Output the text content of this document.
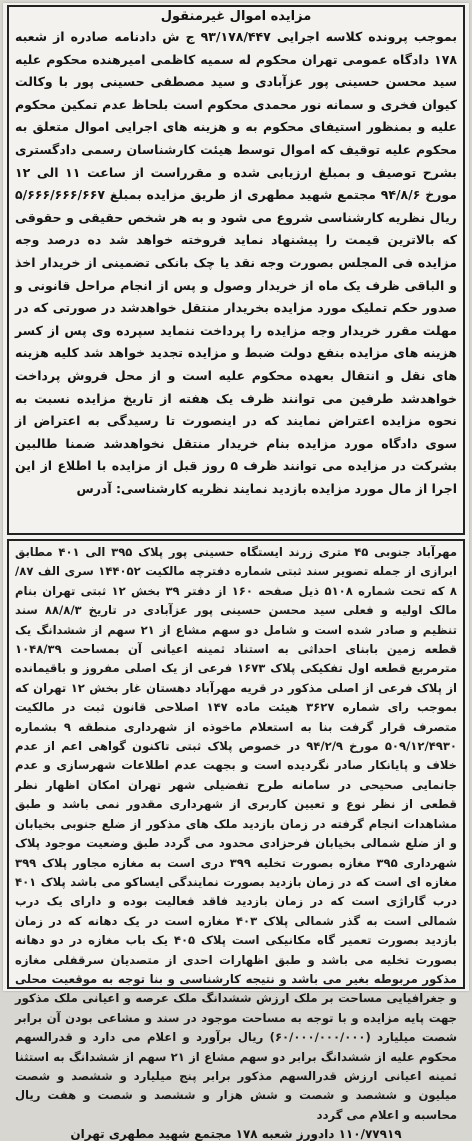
مزایده اموال غیرمنقول

بموجب پرونده کلاسه اجرایی ۹۳/۱۷۸/۴۴۷ ج ش دادنامه صادره از شعبه ۱۷۸ دادگاه عمومی تهران محکوم له سمیه کاظمی امیرهنده محکوم علیه سید محسن حسینی پور عزآبادی و سید مصطفی حسینی پور با وکالت کیوان فخری و سمانه نور محمدی محکوم است بلحاظ عدم تمکین محکوم علیه و بمنظور استیفای محکوم به و هزینه های اجرایی اموال متعلق به محکوم علیه توقیف که اموال توسط هیئت کارشناسان رسمی دادگستری بشرح توصیف و بمبلغ ارزیابی شده و مقرراست از ساعت ۱۱ الی ۱۲ مورخ ۹۴/۸/۶ مجتمع شهید مطهری از طریق مزایده بمبلغ ۵/۶۶۶/۶۶۶/۶۶۷ ریال نظریه کارشناسی شروع می شود و به هر شخص حقیقی و حقوقی که بالاترین قیمت را پیشنهاد نماید فروخته خواهد شد ده درصد وجه مزایده فی المجلس بصورت وجه نقد یا چک بانکی تضمینی از خریدار اخذ و الباقی ظرف یک ماه از خریدار وصول و پس از انجام مراحل قانونی و صدور حکم تملیک مورد مزایده بخریدار منتقل خواهدشد در صورتی که در مهلت مقرر خریدار وجه مزایده را پرداخت ننماید سپرده وی پس از کسر هزینه های مزایده بنفع دولت ضبط و مزایده تجدید خواهد شد کلیه هزینه های نقل و انتقال بعهده محکوم علیه است و از محل فروش پرداخت خواهدشد طرفین می توانند ظرف یک هفته از تاریخ مزایده نسبت به نحوه مزایده اعتراض نمایند که در اینصورت تا رسیدگی به اعتراض از سوی دادگاه مورد مزایده بنام خریدار منتقل نخواهدشد ضمنا طالبین بشرکت در مزایده می توانند ظرف ۵ روز قبل از مزایده با اطلاع از این اجرا از مال مورد مزایده بازدید نمایند نظریه کارشناسی: آدرس

مهرآباد جنوبی ۴۵ متری زرند ایستگاه حسینی پور پلاک ۳۹۵ الی ۴۰۱ مطابق ابرازی از جمله تصویر سند ثبتی شماره دفترچه مالکیت ۱۴۴۰۵۲ سری الف ۸۷/ ۸ که تحت شماره ۵۱۰۸ ذیل صفحه ۱۶۰ از دفتر ۳۹ بخش ۱۲ ثبتی تهران بنام مالک اولیه و فعلی سید محسن حسینی پور عزآبادی در تاریخ ۸۸/۸/۳ سند تنظیم و صادر شده است و شامل دو سهم مشاع از ۲۱ سهم از ششدانگ یک قطعه زمین بابنای احداثی به استناد ثمینه اعیانی آن بمساحت ۱۰۴۸/۳۹ مترمربع قطعه اول تفکیکی پلاک ۱۶۷۳ فرعی از یک اصلی مفروز و باقیمانده از پلاک فرعی از اصلی مذکور در قریه مهرآباد دهستان غار بخش ۱۲ تهران که بموجب رای شماره ۳۶۲۷ هیئت ماده ۱۴۷ اصلاحی قانون ثبت در مالکیت متصرف قرار گرفت بنا به استعلام ماخوذه از شهرداری منطقه ۹ بشماره ۵۰۹/۱۲/۴۹۳۰ مورخ ۹۴/۲/۹ در خصوص پلاک ثبتی تاکنون گواهی اعم از عدم خلاف و پایانکار صادر نگردیده است و بجهت عدم اطلاعات شهرسازی و عدم جانمایی صحیحی در سامانه طرح تفضیلی شهر تهران امکان اظهار نظر قطعی از نظر نوع و تعیین کاربری از شهرداری مقدور نمی باشد و طبق مشاهدات انجام گرفته در زمان بازدید ملک های مذکور از ضلع جنوبی بخیابان و از ضلع شمالی بخیابان فرحزادی محدود می گردد طبق وضعیت موجود پلاک شهرداری ۳۹۵ مغازه بصورت تخلیه ۳۹۹ دری است به مغازه مجاور پلاک ۳۹۹ مغازه ای است که در زمان بازدید بصورت نمایندگی ایساکو می باشد پلاک ۴۰۱ درب گاراژی است که در زمان بازدید فاقد فعالیت بوده و دارای یک درب شمالی است به گذر شمالی پلاک ۴۰۳ مغازه است در یک دهانه که در زمان بازدید بصورت تعمیر گاه مکانیکی است پلاک ۴۰۵ یک باب مغازه در دو دهانه بصورت تخلیه می باشد و طبق اظهارات احدی از متصدیان سرقفلی مغازه مذکور مربوطه بغیر می باشد و نتیجه کارشناسی و بنا توجه به موقعیت محلی و جغرافیایی مساحت بر ملک ارزش ششدانگ ملک عرصه و اعیانی ملک مذکور جهت پایه مزایده و با توجه به مساحت موجود در سند و مشاعی بودن آن برابر شصت میلیارد (۶۰/۰۰۰/۰۰۰/۰۰۰) ریال برآورد و اعلام می دارد و قدرالسهم محکوم علیه از ششدانگ برابر دو سهم مشاع از ۲۱ سهم از ششدانگ به استثنا ثمینه اعیانی ارزش قدرالسهم مذکور برابر پنج میلیارد و ششصد و شصت میلیون و ششصد و شصت و شش هزار و ششصد و شصت و هفت ریال محاسبه و اعلام می گردد

۱۱۰/۷۷۹۱۹ دادورز شعبه ۱۷۸ مجتمع شهید مطهری تهران
